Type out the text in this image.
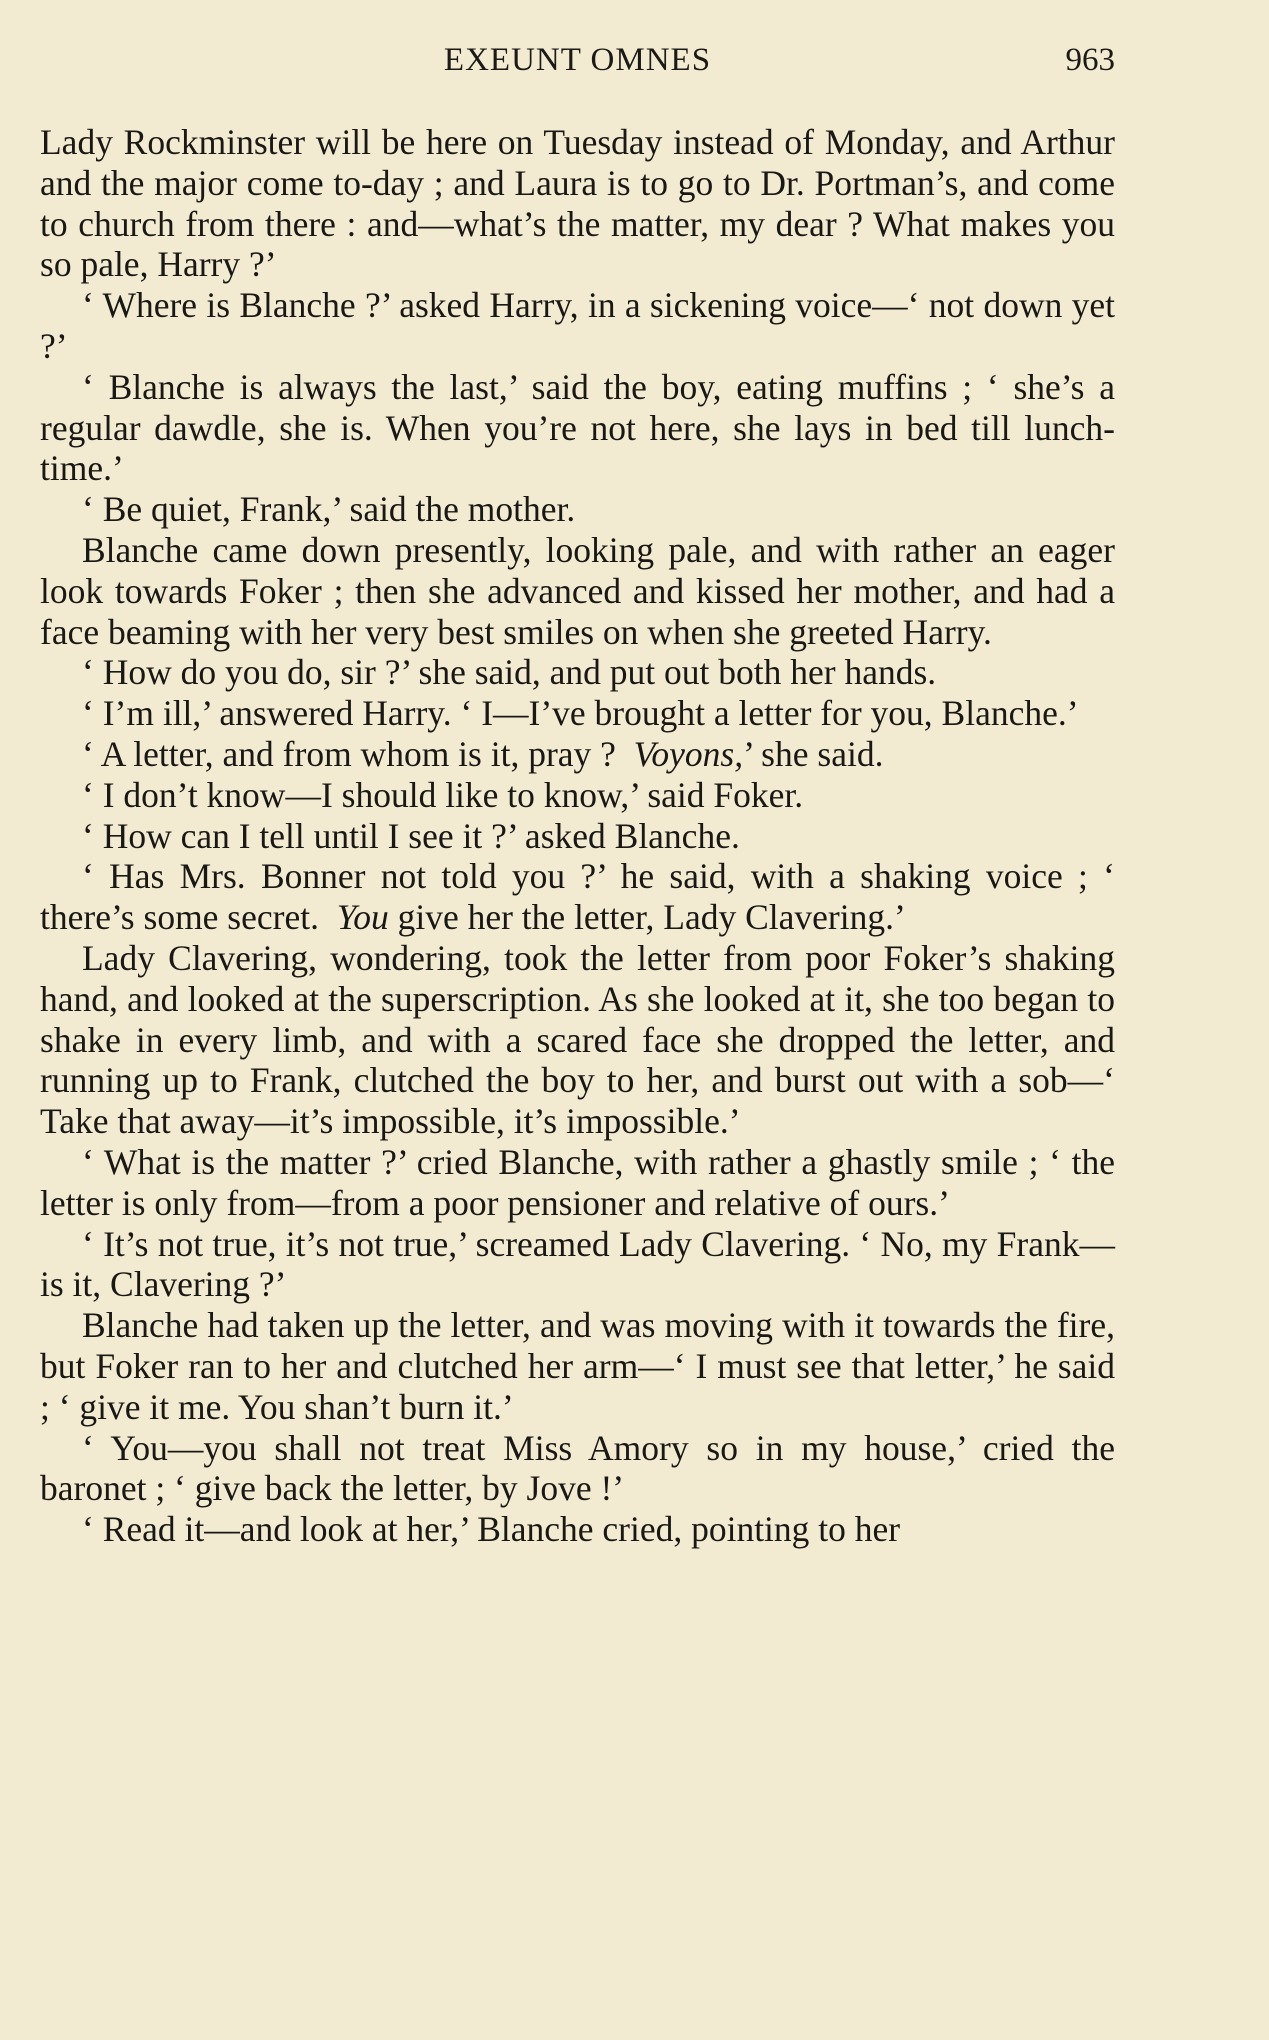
EXEUNT OMNES	963

Lady Rockminster will be here on Tuesday instead of Monday, and Arthur and the major come to-day ; and Laura is to go to Dr. Portman’s, and come to church from there : and—what’s the matter, my dear ? What makes you so pale, Harry ?’

‘ Where is Blanche ?’ asked Harry, in a sickening voice—‘ not down yet ?’

‘ Blanche is always the last,’ said the boy, eating muffins ; ‘ she’s a regular dawdle, she is. When you’re not here, she lays in bed till lunch-time.’

‘ Be quiet, Frank,’ said the mother.

Blanche came down presently, looking pale, and with rather an eager look towards Foker ; then she advanced and kissed her mother, and had a face beaming with her very best smiles on when she greeted Harry.

‘ How do you do, sir ?’ she said, and put out both her hands.

‘ I’m ill,’ answered Harry. ‘ I—I’ve brought a letter for you, Blanche.’

‘ A letter, and from whom is it, pray ? Voyons,’ she said.

‘ I don’t know—I should like to know,’ said Foker.

‘ How can I tell until I see it ?’ asked Blanche.

‘ Has Mrs. Bonner not told you ?’ he said, with a shaking voice ; ‘ there’s some secret. You give her the letter, Lady Clavering.’

Lady Clavering, wondering, took the letter from poor Foker’s shaking hand, and looked at the superscription. As she looked at it, she too began to shake in every limb, and with a scared face she dropped the letter, and running up to Frank, clutched the boy to her, and burst out with a sob—‘ Take that away—it’s impossible, it’s impossible.’

‘ What is the matter ?’ cried Blanche, with rather a ghastly smile ; ‘ the letter is only from—from a poor pensioner and relative of ours.’

‘ It’s not true, it’s not true,’ screamed Lady Clavering. ‘ No, my Frank—is it, Clavering ?’

Blanche had taken up the letter, and was moving with it towards the fire, but Foker ran to her and clutched her arm—‘ I must see that letter,’ he said ; ‘ give it me. You shan’t burn it.’

‘ You—you shall not treat Miss Amory so in my house,’ cried the baronet ; ‘ give back the letter, by Jove !’

‘ Read it—and look at her,’ Blanche cried, pointing to her
